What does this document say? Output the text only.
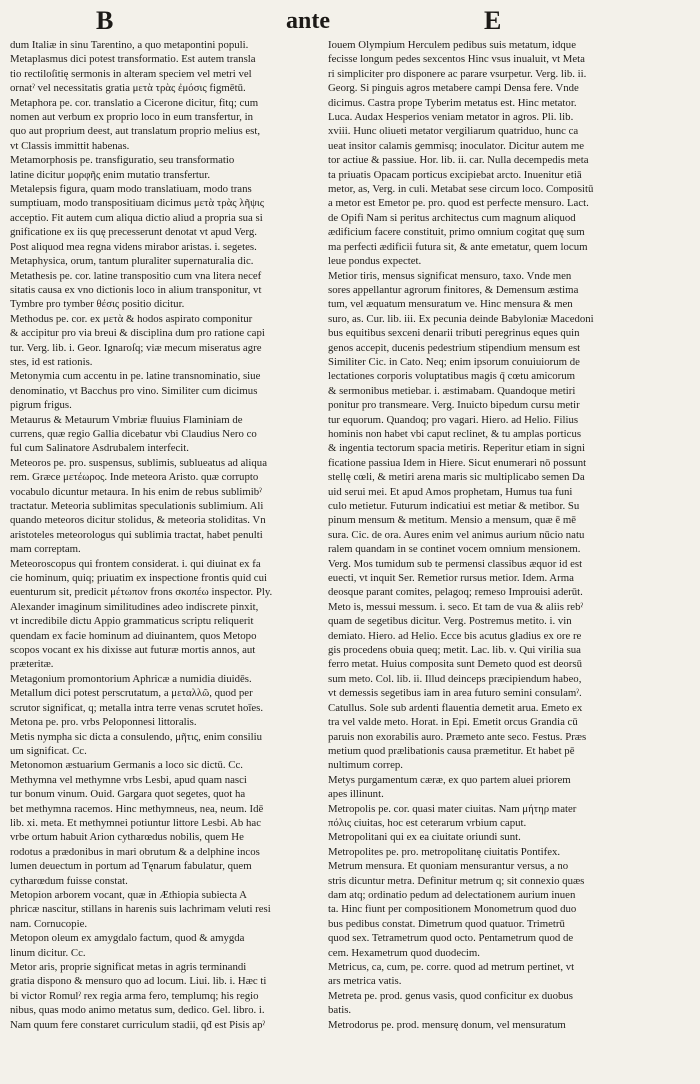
B	ante	E
dum Italiæ in sinu Tarentino, a quo metapontini populi.
Metaplasmus dici potest transformatio. Est autem transla
tio rectiloſitię sermonis in alteram speciem vel metri vel
ornatˀ vel necessitatis gratia μετὰ τρὰς ἐμόσις figmētū.
Metaphora pe. cor. translatio a Cicerone dicitur, fitq; cum
nomen aut verbum ex proprio loco in eum transfertur, in
quo aut proprium deest, aut translatum proprio melius est,
vt Classis immittit habenas.
Metamorphosis pe. transfiguratio, seu transformatio
latine dicitur μορφῆς enim mutatio transfertur.
Metalepsis figura, quam modo translatiuam, modo trans
sumptiuam, modo transpositiuam dicimus μετὰ τρὰς λῆψις
acceptio. Fit autem cum aliqua dictio aliud a propria sua si
gnificatione ex iis quę precesserunt denotat vt apud Verg.
Post aliquod mea regna videns mirabor aristas. i. segetes.
Metaphysica, orum, tantum pluraliter supernaturalia dic.
Metathesis pe. cor. latine transpositio cum vna litera necef
sitatis causa ex vno dictionis loco in alium transponitur, vt
Tymbre pro tymber θέσις positio dicitur.
Methodus pe. cor. ex μετὰ & hodos aspirato componitur
& accipitur pro via breui & disciplina dum pro ratione capi
tur. Verg. lib. i. Geor. Ignaroſq; viæ mecum miseratus agre
stes, id est rationis.
Metonymia cum accentu in pe. latine transnominatio, siue
denominatio, vt Bacchus pro vino. Similiter cum dicimus
pigrum frigus.
Metaurus & Metaurum Vmbriæ fluuius Flaminiam de
currens, quæ regio Gallia dicebatur vbi Claudius Nero co
ful cum Salinatore Asdrubalem interfecit.
Meteoros pe. pro. suspensus, sublimis, sublueatus ad aliqua
rem. Græce μετέωρος. Inde meteora Aristo. quæ corrupto
vocabulo dicuntur metaura. In his enim de rebus sublimibˀ
tractatur. Meteoria sublimitas speculationis sublimium. Ali
quando meteoros dicitur stolidus, & meteoria stoliditas. Vn
aristoteles meteorologus qui sublimia tractat, habet penulti
mam correptam.
Meteoroscopus qui frontem considerat. i. qui diuinat ex fa
cie hominum, quiq; priuatim ex inspectione frontis quid cui
euenturum sit, predicit μέτωπον frons σκοπέω inspector. Ply.
Alexander imaginum similitudines adeo indiscrete pinxit,
vt incredibile dictu Appio grammaticus scriptu reliquerit
quendam ex facie hominum ad diuinantem, quos Metopo
scopos vocant ex his dixisse aut futuræ mortis annos, aut
præteritæ.
Metagonium promontorium Aphricæ a numidia diuidēs.
Metallum dici potest perscrutatum, a μεταλλῶ, quod per
scrutor significat, q; metalla intra terre venas scrutet hoīes.
Metona pe. pro. vrbs Peloponnesi littoralis.
Metis nympha sic dicta a consulendo, μῆτις, enim consiliu
um significat. Cc.
Metonomon æstuarium Germanis a loco sic dictū. Cc.
Methymna vel methymne vrbs Lesbi, apud quam nasci
tur bonum vinum. Ouid. Gargara quot segetes, quot ha
bet methymna racemos. Hinc methymneus, nea, neum. Idē
lib. xi. meta. Et methymnei potiuntur littore Lesbi. Ab hac
vrbe ortum habuit Arion cytharœdus nobilis, quem He
rodotus a prædonibus in mari obrutum & a delphine incos
lumen deuectum in portum ad Tęnarum fabulatur, quem
cytharœdum fuisse constat.
Metopion arborem vocant, quæ in Æthiopia subiecta A
phricæ nascitur, stillans in harenis suis lachrimam veluti resi
nam. Cornucopie.
Metopon oleum ex amygdalo factum, quod & amygda
linum dicitur. Cc.
Metor aris, proprie significat metas in agris terminandi
gratia dispono & mensuro quo ad locum. Liui. lib. i. Hæc ti
bi victor Romulˀ rex regia arma fero, templumq; his regio
nibus, quas modo animo metatus sum, dedico. Gel. libro. i.
Nam quum fere constaret curriculum stadii, qđ est Pisis apˀ
Iouem Olympium Herculem pedibus suis metatum, idque
fecisse longum pedes sexcentos Hinc vsus inualuit, vt Meta
ri simpliciter pro disponere ac parare vsurpetur. Verg. lib. ii.
Georg. Si pinguis agros metabere campi Densa fere. Vnde
dicimus. Castra prope Tyberim metatus est. Hinc metator.
Luca. Audax Hesperios veniam metator in agros. Pli. lib.
xviii. Hunc oliueti metator vergiliarum quatriduo, hunc ca
ueat insitor calamis gemmisq; inoculator. Dicitur autem me
tor actiue & passiue. Hor. lib. ii. car. Nulla decempedis meta
ta priuatis Opacam porticus excipiebat arcto. Inuenitur etiā
metor, as, Verg. in culi. Metabat sese circum loco. Compositū
a metor est Emetor pe. pro. quod est perfecte mensuro. Lact.
de Opifi Nam si peritus architectus cum magnum aliquod
ædificium facere constituit, primo omnium cogitat quę sum
ma perfecti ædificii futura sit, & ante emetatur, quem locum
leue pondus expectet.
Metior tiris, mensus significat mensuro, taxo. Vnde men
sores appellantur agrorum finitores, & Demensum æstima
tum, vel æquatum mensuratum ve. Hinc mensura & men
suro, as. Cur. lib. iii. Ex pecunia deinde Babyloniæ Macedoni
bus equitibus sexceni denarii tributi peregrinus eques quin
genos accepit, ducenis pedestrium stipendium mensum est
Similiter Cic. in Cato. Neq; enim ipsorum conuiuiorum de
lectationes corporis voluptatibus magis q̄ cœtu amicorum
& sermonibus metiebar. i. æstimabam. Quandoque metiri
ponitur pro transmeare. Verg. Inuicto bipedum cursu metir
tur equorum. Quandoq; pro vagari. Hiero. ad Helio. Filius
hominis non habet vbi caput reclinet, & tu amplas porticus
& ingentia tectorum spacia metiris. Reperitur etiam in signi
ficatione passiua Idem in Hiere. Sicut enumerari nō possunt
stellę cœli, & metiri arena maris sic multiplicabo semen Da
uid serui mei. Et apud Amos prophetam, Humus tua funi
culo metietur. Futurum indicatiui est metiar & metibor. Su
pinum mensum & metitum. Mensio a mensum, quæ ē mē
sura. Cic. de ora. Aures enim vel animus aurium nūcio natu
ralem quandam in se continet vocem omnium mensionem.
Verg. Mos tumidum sub te permensi classibus æquor id est
euecti, vt inquit Ser. Remetior rursus metior. Idem. Arma
deosque parant comites, pelagoq; remeso Improuisi aderūt.
Meto is, messui messum. i. seco. Et tam de vua & aliis rebˀ
quam de segetibus dicitur. Verg. Postremus metito. i. vin
demiato. Hiero. ad Helio. Ecce bis acutus gladius ex ore re
gis procedens obuia queq; metit. Lac. lib. v. Qui virilia sua
ferro metat. Huius composita sunt Demeto quod est deorsū
sum meto. Col. lib. ii. Illud deinceps præcipiendum habeo,
vt demessis segetibus iam in area futuro semini consulamˀ.
Catullus. Sole sub ardenti flauentia demetit arua. Emeto ex
tra vel valde meto. Horat. in Epi. Emetit orcus Grandia cū
paruis non exorabilis auro. Præmeto ante seco. Festus. Præs
metium quod prælibationis causa præmetitur. Et habet pē
nultimum correp.
Metys purgamentum cæræ, ex quo partem aluei priorem
apes illinunt.
Metropolis pe. cor. quasi mater ciuitas. Nam μήτηρ mater
πόλις ciuitas, hoc est ceterarum vrbium caput.
Metropolitani qui ex ea ciuitate oriundi sunt.
Metropolites pe. pro. metropolitanę ciuitatis Pontifex.
Metrum mensura. Et quoniam mensurantur versus, a no
stris dicuntur metra. Definitur metrum q; sit connexio quæs
dam atq; ordinatio pedum ad delectationem aurium inuen
ta. Hinc fiunt per compositionem Monometrum quod duo
bus pedibus constat. Dimetrum quod quatuor. Trimetrū
quod sex. Tetrametrum quod octo. Pentametrum quod de
cem. Hexametrum quod duodecim.
Metricus, ca, cum, pe. corre. quod ad metrum pertinet, vt
ars metrica vatis.
Metreta pe. prod. genus vasis, quod conficitur ex duobus
batis.
Metrodorus pe. prod. mensurę donum, vel mensuratum
